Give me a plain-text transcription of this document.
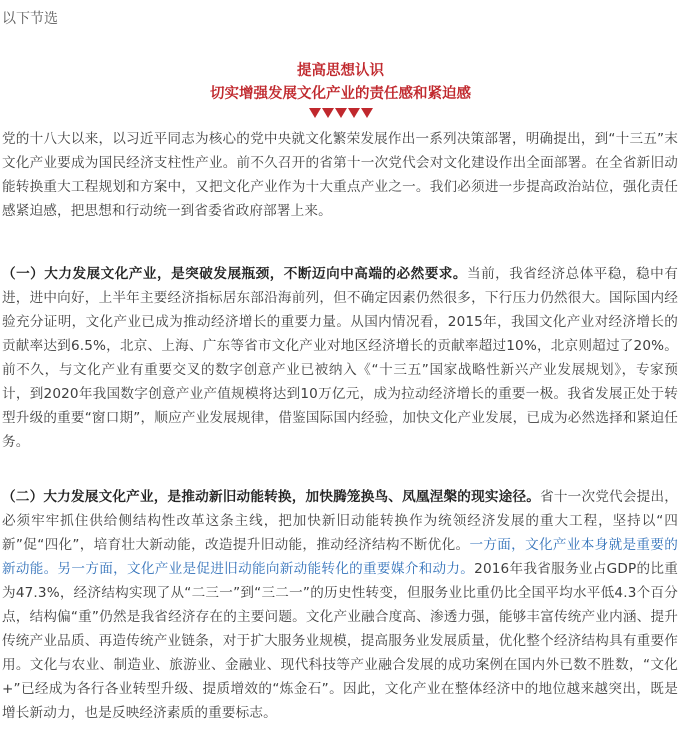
以下节选
提高思想认识
切实增强发展文化产业的责任感和紧迫感

党的十八大以来，以习近平同志为核心的党中央就文化繁荣发展作出一系列决策部署，明确提出，到“十三五”末文化产业要成为国民经济支柱性产业。前不久召开的省第十一次党代会对文化建设作出全面部署。在全省新旧动能转换重大工程规划和方案中，又把文化产业作为十大重点产业之一。我们必须进一步提高政治站位，强化责任感紧迫感，把思想和行动统一到省委省政府部署上来。

（一）大力发展文化产业，是突破发展瓶颈，不断迈向中高端的必然要求。当前，我省经济总体平稳，稳中有进，进中向好，上半年主要经济指标居东部沿海前列，但不确定因素仍然很多，下行压力仍然很大。国际国内经验充分证明，文化产业已成为推动经济增长的重要力量。从国内情况看，2015年，我国文化产业对经济增长的贡献率达到6.5%，北京、上海、广东等省市文化产业对地区经济增长的贡献率超过10%，北京则超过了20%。前不久，与文化产业有重要交叉的数字创意产业已被纳入《“十三五”国家战略性新兴产业发展规划》，专家预计，到2020年我国数字创意产业产值规模将达到10万亿元，成为拉动经济增长的重要一极。我省发展正处于转型升级的重要“窗口期”，顺应产业发展规律，借鉴国际国内经验，加快文化产业发展，已成为必然选择和紧迫任务。

（二）大力发展文化产业，是推动新旧动能转换，加快腾笼换鸟、凤凰涅槃的现实途径。省十一次党代会提出，必须牢牢抓住供给侧结构性改革这条主线，把加快新旧动能转换作为统领经济发展的重大工程，坚持以“四新”促“四化”，培育壮大新动能，改造提升旧动能，推动经济结构不断优化。一方面，文化产业本身就是重要的新动能。另一方面，文化产业是促进旧动能向新动能转化的重要媒介和动力。2016年我省服务业占GDP的比重为47.3%，经济结构实现了从“二三一”到“三二一”的历史性转变，但服务业比重仍比全国平均水平低4.3个百分点，结构偏“重”仍然是我省经济存在的主要问题。文化产业融合度高、渗透力强，能够丰富传统产业内涵、提升传统产业品质、再造传统产业链条，对于扩大服务业规模，提高服务业发展质量，优化整个经济结构具有重要作用。文化与农业、制造业、旅游业、金融业、现代科技等产业融合发展的成功案例在国内外已数不胜数，“文化+”已经成为各行各业转型升级、提质增效的“炼金石”。因此，文化产业在整体经济中的地位越来越突出，既是增长新动力，也是反映经济素质的重要标志。
